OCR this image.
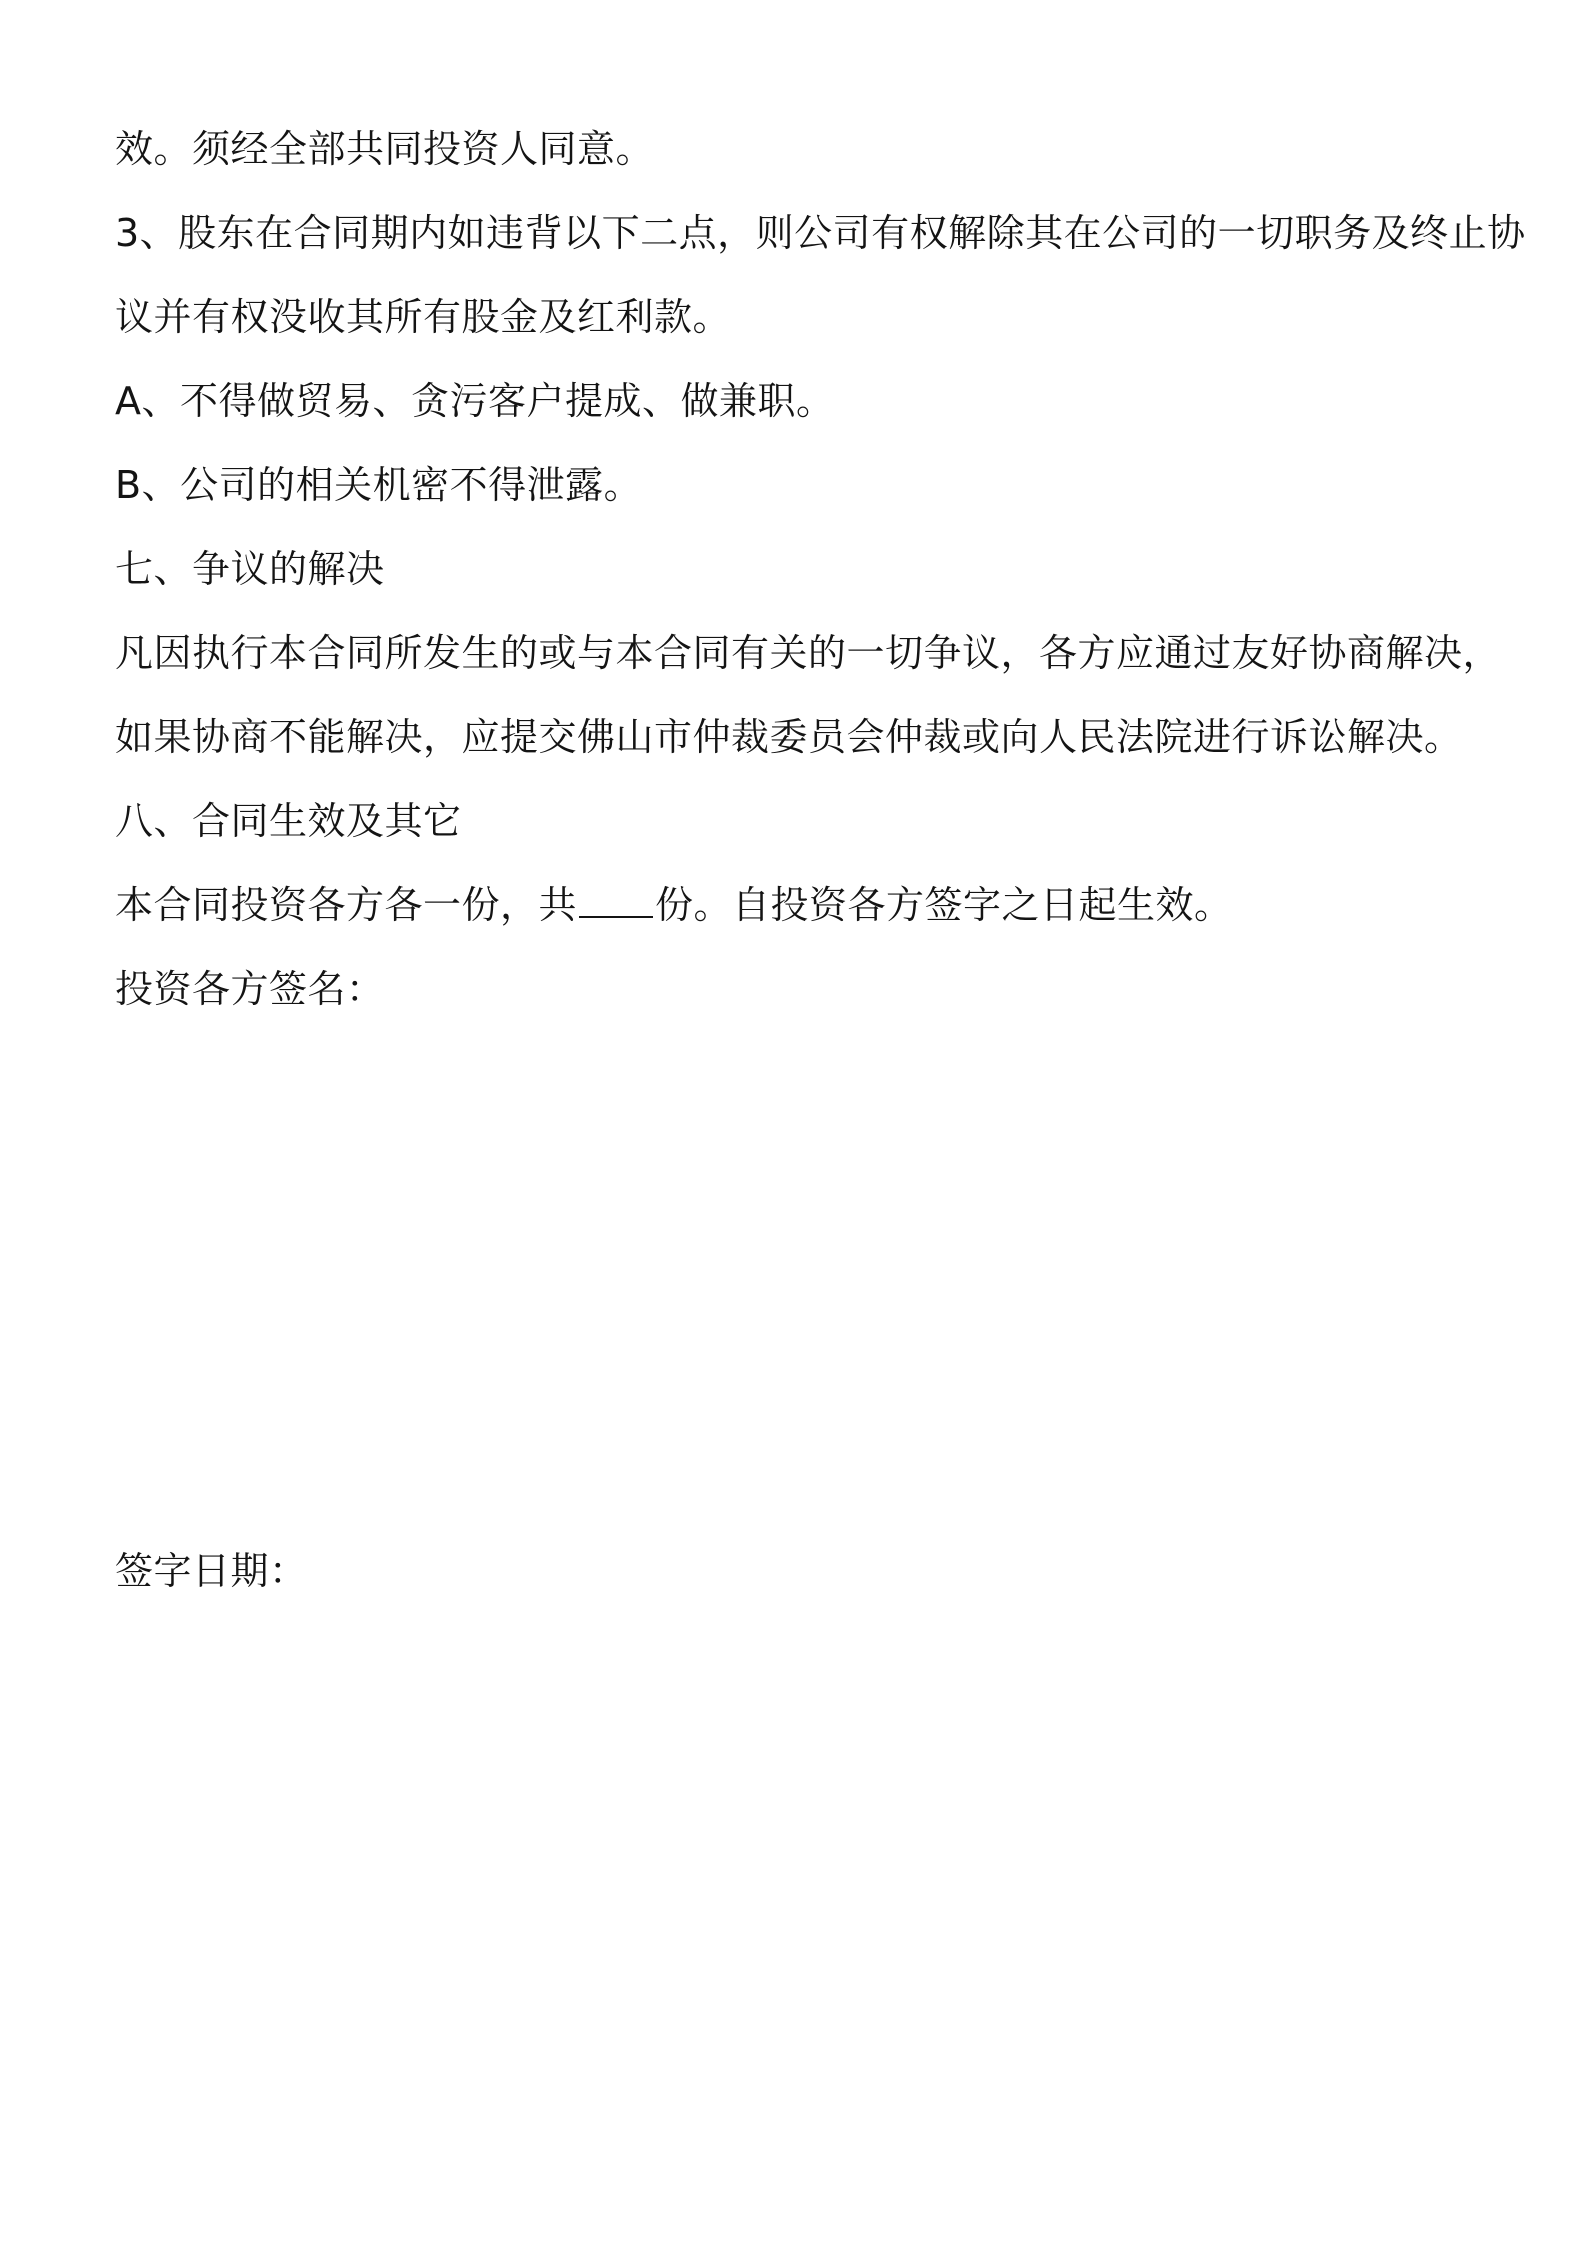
效。须经全部共同投资人同意。
3、股东在合同期内如违背以下二点，则公司有权解除其在公司的一切职务及终止协
议并有权没收其所有股金及红利款。
A、不得做贸易、贪污客户提成、做兼职。
B、公司的相关机密不得泄露。
七、争议的解决
凡因执行本合同所发生的或与本合同有关的一切争议，各方应通过友好协商解决，
如果协商不能解决，应提交佛山市仲裁委员会仲裁或向人民法院进行诉讼解决。
八、合同生效及其它
本合同投资各方各一份，共 份。自投资各方签字之日起生效。
投资各方签名：
签字日期：
